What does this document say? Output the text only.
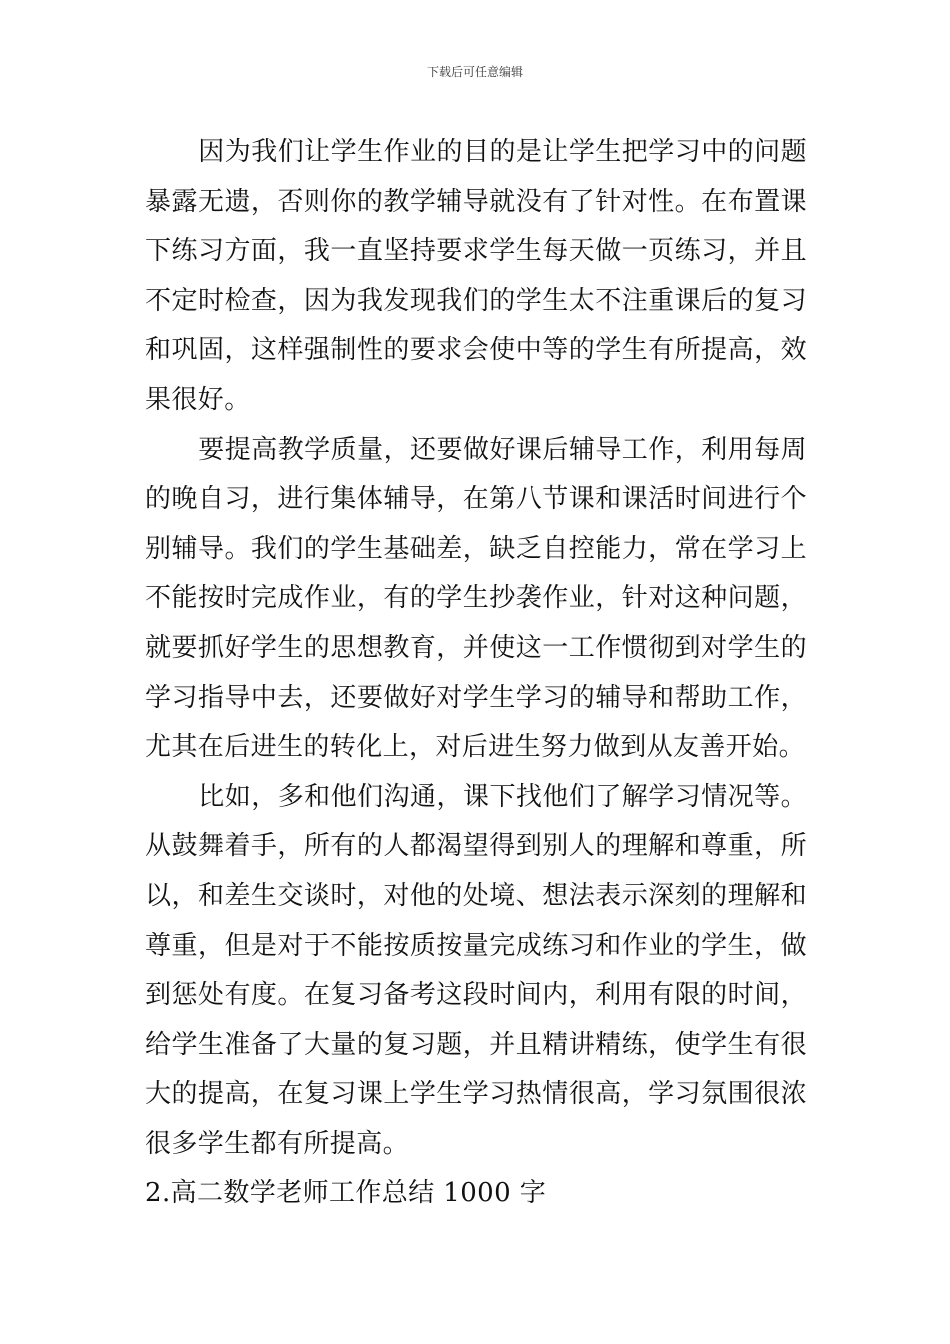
下载后可任意编辑

因为我们让学生作业的目的是让学生把学习中的问题暴露无遗，否则你的教学辅导就没有了针对性。在布置课下练习方面，我一直坚持要求学生每天做一页练习，并且不定时检查，因为我发现我们的学生太不注重课后的复习和巩固，这样强制性的要求会使中等的学生有所提高，效果很好。

要提高教学质量，还要做好课后辅导工作，利用每周的晚自习，进行集体辅导，在第八节课和课活时间进行个别辅导。我们的学生基础差，缺乏自控能力，常在学习上不能按时完成作业，有的学生抄袭作业，针对这种问题，就要抓好学生的思想教育，并使这一工作惯彻到对学生的学习指导中去，还要做好对学生学习的辅导和帮助工作，尤其在后进生的转化上，对后进生努力做到从友善开始。

比如，多和他们沟通，课下找他们了解学习情况等。从鼓舞着手，所有的人都渴望得到别人的理解和尊重，所以，和差生交谈时，对他的处境、想法表示深刻的理解和尊重，但是对于不能按质按量完成练习和作业的学生，做到惩处有度。在复习备考这段时间内，利用有限的时间，给学生准备了大量的复习题，并且精讲精练，使学生有很大的提高，在复习课上学生学习热情很高，学习氛围很浓很多学生都有所提高。

2.高二数学老师工作总结 1000 字
